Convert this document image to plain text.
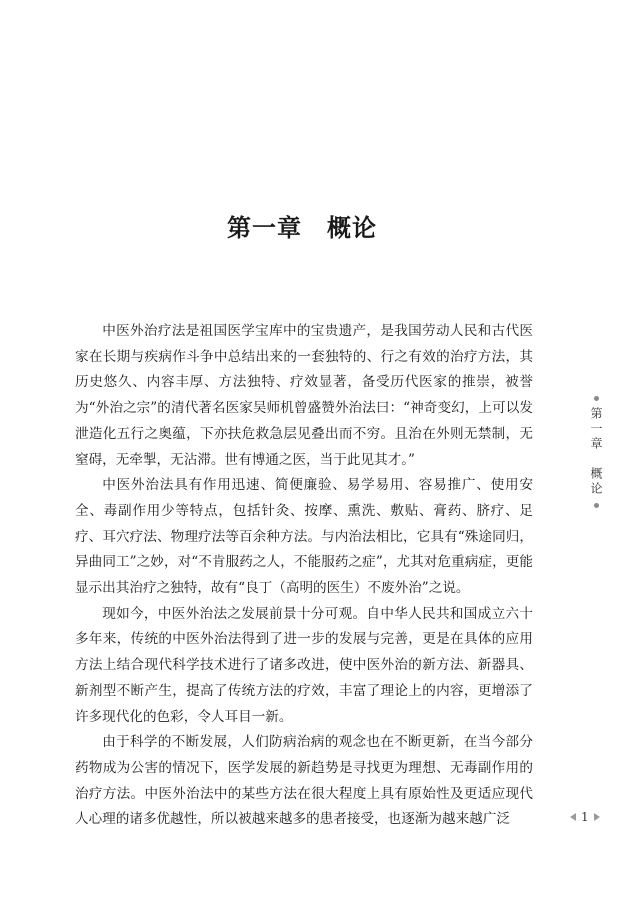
第一章　概论

中医外治疗法是祖国医学宝库中的宝贵遗产，是我国劳动人民和古代医家在长期与疾病作斗争中总结出来的一套独特的、行之有效的治疗方法，其历史悠久、内容丰厚、方法独特、疗效显著，备受历代医家的推崇，被誉为“外治之宗”的清代著名医家吴师机曾盛赞外治法曰：“神奇变幻，上可以发泄造化五行之奥蕴，下亦扶危救急层见叠出而不穷。且治在外则无禁制，无窒碍，无牵掣，无沾滞。世有博通之医，当于此见其才。”

中医外治法具有作用迅速、简便廉验、易学易用、容易推广、使用安全、毒副作用少等特点，包括针灸、按摩、熏洗、敷贴、膏药、脐疗、足疗、耳穴疗法、物理疗法等百余种方法。与内治法相比，它具有“殊途同归，异曲同工”之妙，对“不肯服药之人，不能服药之症”，尤其对危重病症，更能显示出其治疗之独特，故有“良丁（高明的医生）不废外治”之说。

现如今，中医外治法之发展前景十分可观。自中华人民共和国成立六十多年来，传统的中医外治法得到了进一步的发展与完善，更是在具体的应用方法上结合现代科学技术进行了诸多改进，使中医外治的新方法、新器具、新剂型不断产生，提高了传统方法的疗效，丰富了理论上的内容，更增添了许多现代化的色彩，令人耳目一新。

由于科学的不断发展，人们防病治病的观念也在不断更新，在当今部分药物成为公害的情况下，医学发展的新趋势是寻找更为理想、无毒副作用的治疗方法。中医外治法中的某些方法在很大程度上具有原始性及更适应现代人心理的诸多优越性，所以被越来越多的患者接受，也逐渐为越来越广泛

第一章　概论
1
